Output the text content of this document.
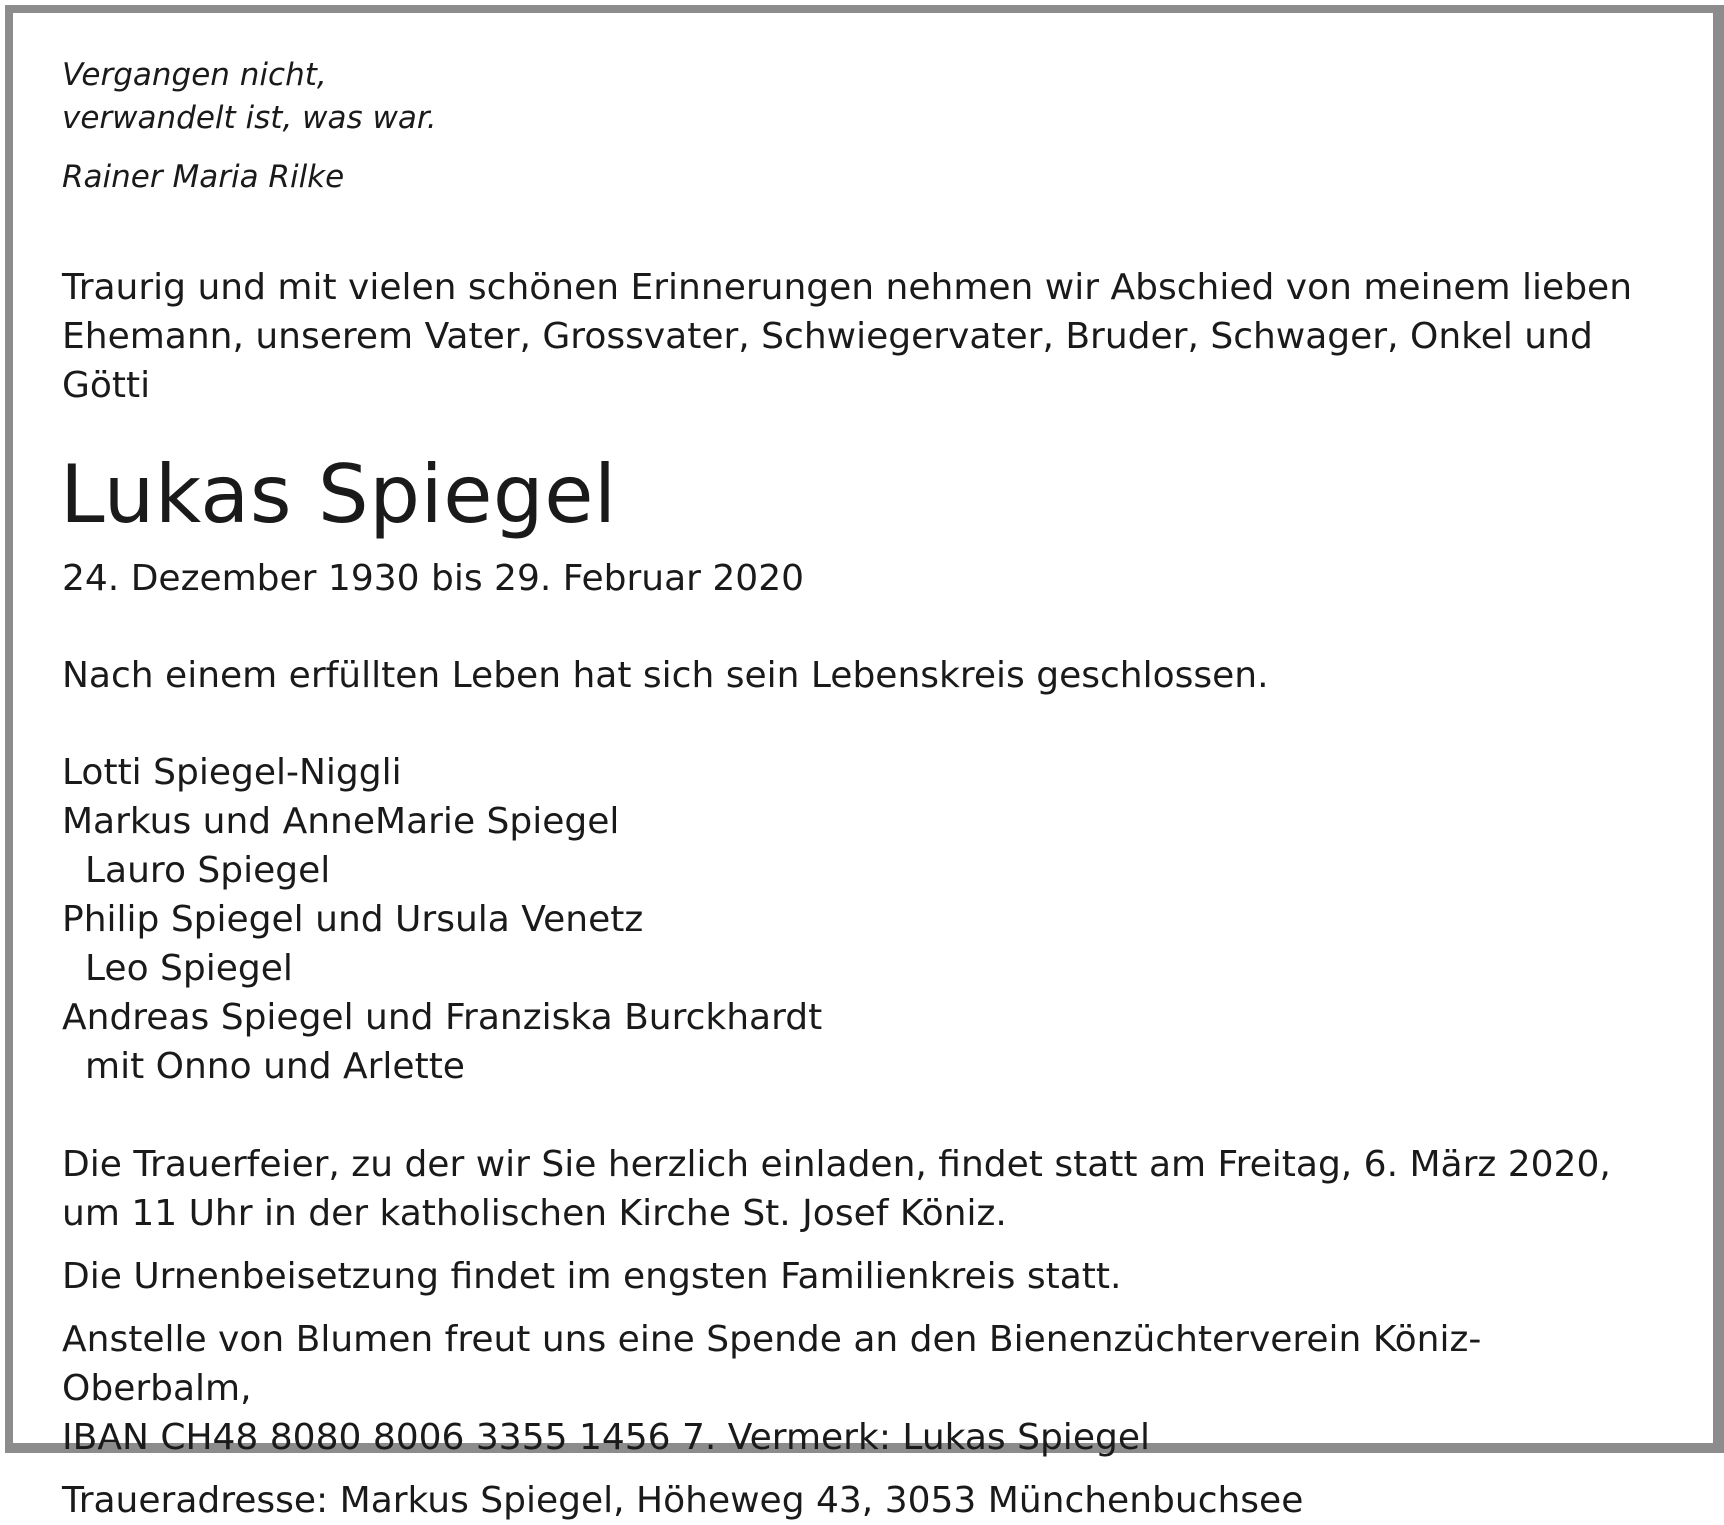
Vergangen nicht,

verwandelt ist, was war.

Rainer Maria Rilke

Traurig und mit vielen schönen Erinnerungen nehmen wir Abschied von meinem lieben
Ehemann, unserem Vater, Grossvater, Schwiegervater, Bruder, Schwager, Onkel und Götti

Lukas Spiegel

24. Dezember 1930 bis 29. Februar 2020

Nach einem erfüllten Leben hat sich sein Lebenskreis geschlossen.

Lotti Spiegel-Niggli
Markus und AnneMarie Spiegel
Lauro Spiegel
Philip Spiegel und Ursula Venetz
Leo Spiegel
Andreas Spiegel und Franziska Burckhardt
mit Onno und Arlette

Die Trauerfeier, zu der wir Sie herzlich einladen, findet statt am Freitag, 6. März 2020,
um 11 Uhr in der katholischen Kirche St. Josef Köniz.

Die Urnenbeisetzung findet im engsten Familienkreis statt.

Anstelle von Blumen freut uns eine Spende an den Bienenzüchterverein Köniz-Oberbalm,
IBAN CH48 8080 8006 3355 1456 7. Vermerk: Lukas Spiegel

Traueradresse: Markus Spiegel, Höheweg 43, 3053 Münchenbuchsee
